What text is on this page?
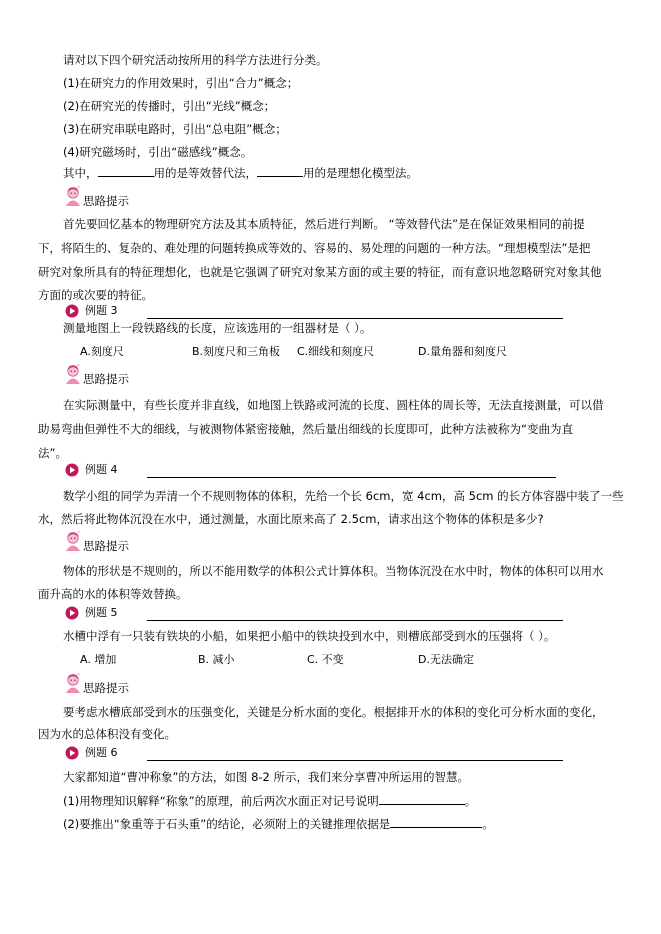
请对以下四个研究活动按所用的科学方法进行分类。
(1)在研究力的作用效果时，引出“合力”概念；
(2)在研究光的传播时，引出“光线”概念；
(3)在研究串联电路时，引出“总电阻”概念；
(4)研究磁场时，引出“磁感线”概念。
其中，	用的是等效替代法，	用的是理想化模型法。
思路提示
首先要回忆基本的物理研究方法及其本质特征，然后进行判断。 “等效替代法”是在保证效果相同的前提
下，将陌生的、复杂的、难处理的问题转换成等效的、容易的、易处理的问题的一种方法。“理想模型法”是把
研究对象所具有的特征理想化，也就是它强调了研究对象某方面的或主要的特征，而有意识地忽略研究对象其他
方面的或次要的特征。
例题 3
测量地图上一段铁路线的长度，应该选用的一组器材是（ ）。
A.刻度尺	B.刻度尺和三角板 C.细线和刻度尺	D.量角器和刻度尺
思路提示
在实际测量中，有些长度并非直线，如地图上铁路或河流的长度、圆柱体的周长等，无法直接测量，可以借
助易弯曲但弹性不大的细线，与被测物体紧密接触，然后量出细线的长度即可，此种方法被称为“变曲为直
法”。
例题 4
数学小组的同学为弄清一个不规则物体的体积，先给一个长 6cm，宽 4cm，高 5cm 的长方体容器中装了一些
水，然后将此物体沉没在水中，通过测量，水面比原来高了 2.5cm，请求出这个物体的体积是多少?
思路提示
物体的形状是不规则的，所以不能用数学的体积公式计算体积。当物体沉没在水中时，物体的体积可以用水
面升高的水的体积等效替换。
例题 5
水槽中浮有一只装有铁块的小船，如果把小船中的铁块投到水中，则槽底部受到水的压强将（ ）。
A. 增加	B. 减小	C. 不变	D.无法确定
思路提示
要考虑水槽底部受到水的压强变化，关键是分析水面的变化。根据排开水的体积的变化可分析水面的变化，
因为水的总体积没有变化。
例题 6
大家都知道“曹冲称象”的方法，如图 8-2 所示，我们来分享曹冲所运用的智慧。
(1)用物理知识解释“称象”的原理，前后两次水面正对记号说明	。
(2)要推出“象重等于石头重”的结论，必须附上的关键推理依据是	。
